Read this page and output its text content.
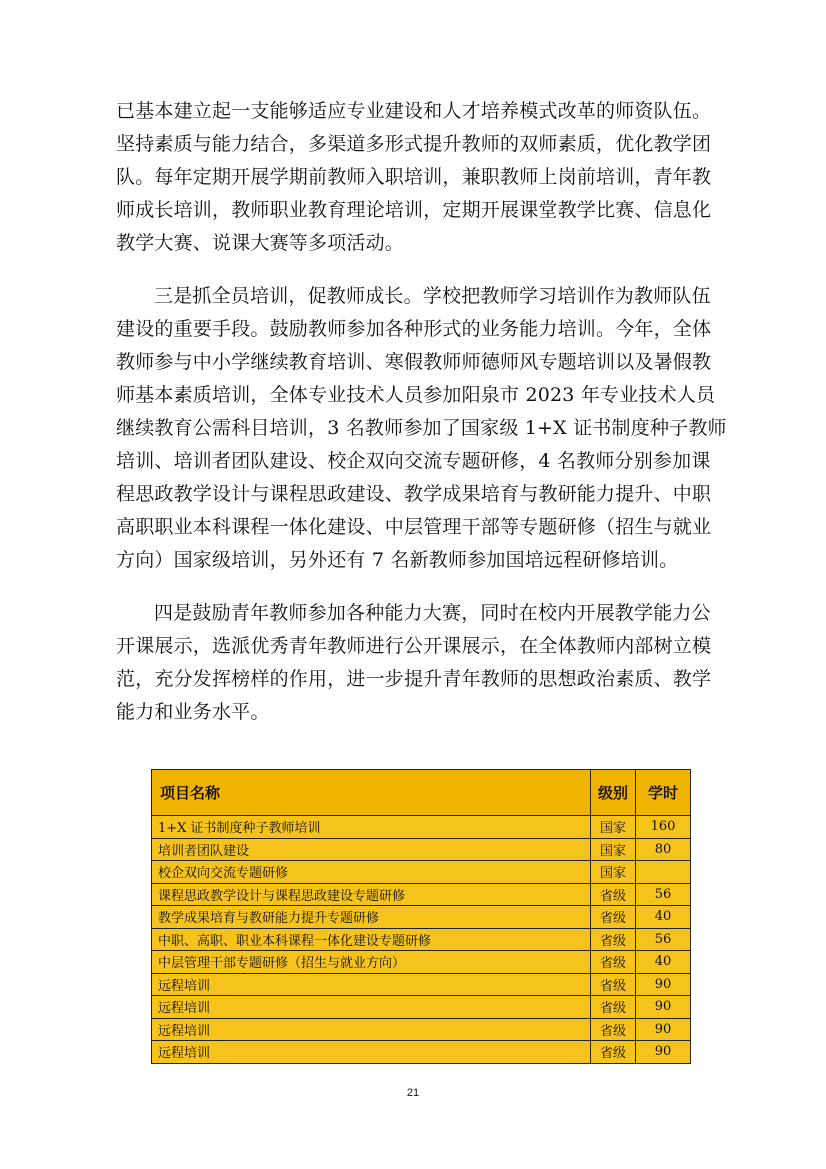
已基本建立起一支能够适应专业建设和人才培养模式改革的师资队伍。
坚持素质与能力结合，多渠道多形式提升教师的双师素质，优化教学团
队。每年定期开展学期前教师入职培训，兼职教师上岗前培训，青年教
师成长培训，教师职业教育理论培训，定期开展课堂教学比赛、信息化
教学大赛、说课大赛等多项活动。
三是抓全员培训，促教师成长。学校把教师学习培训作为教师队伍
建设的重要手段。鼓励教师参加各种形式的业务能力培训。今年，全体
教师参与中小学继续教育培训、寒假教师师德师风专题培训以及暑假教
师基本素质培训，全体专业技术人员参加阳泉市 2023 年专业技术人员
继续教育公需科目培训，3 名教师参加了国家级 1+X 证书制度种子教师
培训、培训者团队建设、校企双向交流专题研修，4 名教师分别参加课
程思政教学设计与课程思政建设、教学成果培育与教研能力提升、中职
高职职业本科课程一体化建设、中层管理干部等专题研修（招生与就业
方向）国家级培训，另外还有 7 名新教师参加国培远程研修培训。
四是鼓励青年教师参加各种能力大赛，同时在校内开展教学能力公
开课展示，选派优秀青年教师进行公开课展示，在全体教师内部树立模
范，充分发挥榜样的作用，进一步提升青年教师的思想政治素质、教学
能力和业务水平。
项目名称	级别	学时
1+X 证书制度种子教师培训	国家	160
培训者团队建设	国家	80
校企双向交流专题研修	国家	
课程思政教学设计与课程思政建设专题研修	省级	56
教学成果培育与教研能力提升专题研修	省级	40
中职、高职、职业本科课程一体化建设专题研修	省级	56
中层管理干部专题研修（招生与就业方向）	省级	40
远程培训	省级	90
远程培训	省级	90
远程培训	省级	90
远程培训	省级	90
21
